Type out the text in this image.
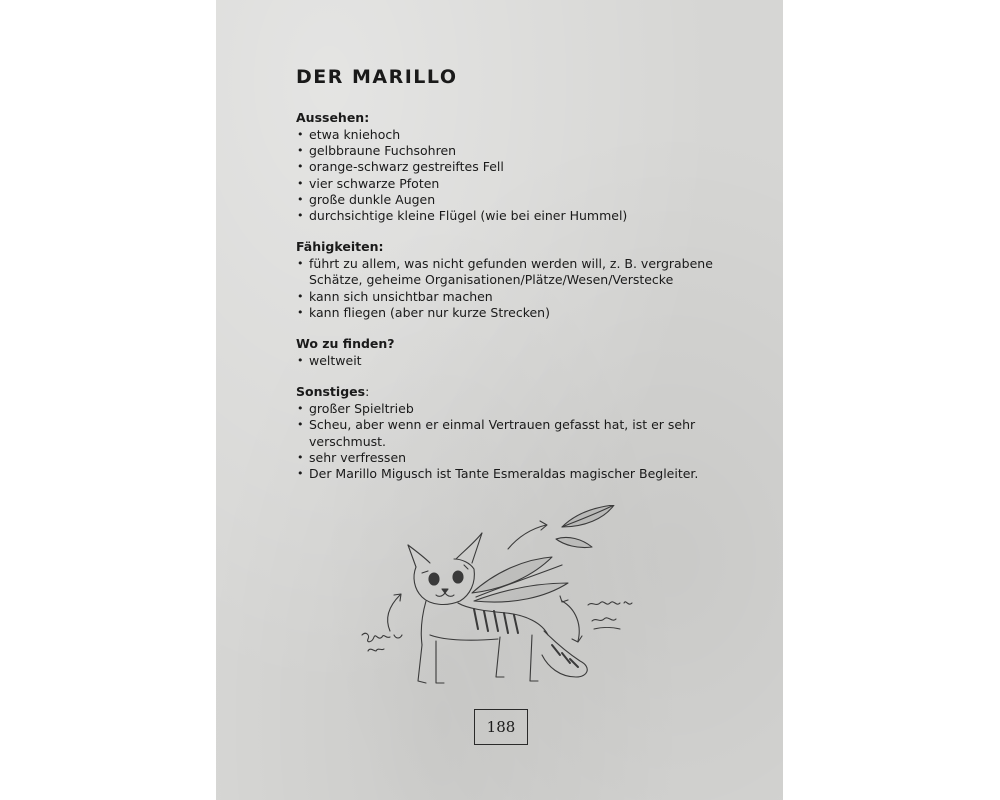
DER MARILLO
Aussehen:
• etwa kniehoch
• gelbbraune Fuchsohren
• orange-schwarz gestreiftes Fell
• vier schwarze Pfoten
• große dunkle Augen
• durchsichtige kleine Flügel (wie bei einer Hummel)
Fähigkeiten:
• führt zu allem, was nicht gefunden werden will, z. B. vergrabene Schätze, geheime Organisationen/Plätze/Wesen/Verstecke
• kann sich unsichtbar machen
• kann fliegen (aber nur kurze Strecken)
Wo zu finden?
• weltweit
Sonstiges:
• großer Spieltrieb
• Scheu, aber wenn er einmal Vertrauen gefasst hat, ist er sehr verschmust.
• sehr verfressen
• Der Marillo Migusch ist Tante Esmeraldas magischer Begleiter.
188
